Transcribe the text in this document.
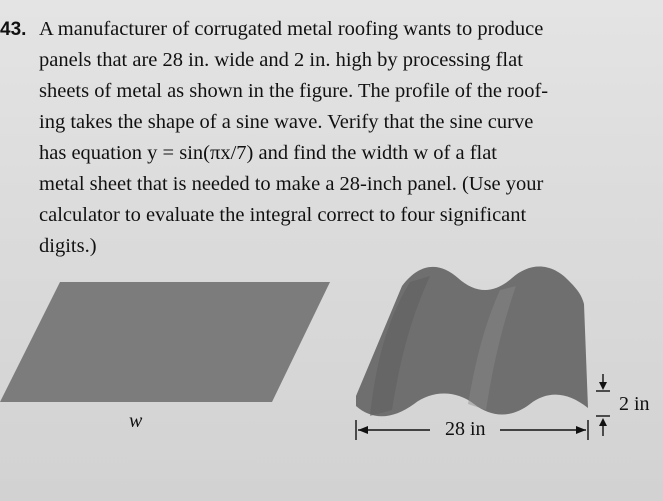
43. A manufacturer of corrugated metal roofing wants to produce
panels that are 28 in. wide and 2 in. high by processing flat
sheets of metal as shown in the figure. The profile of the roof-
ing takes the shape of a sine wave. Verify that the sine curve
has equation y = sin(πx/7) and find the width w of a flat
metal sheet that is needed to make a 28-inch panel. (Use your
calculator to evaluate the integral correct to four significant
digits.)
w	28 in
2 in
